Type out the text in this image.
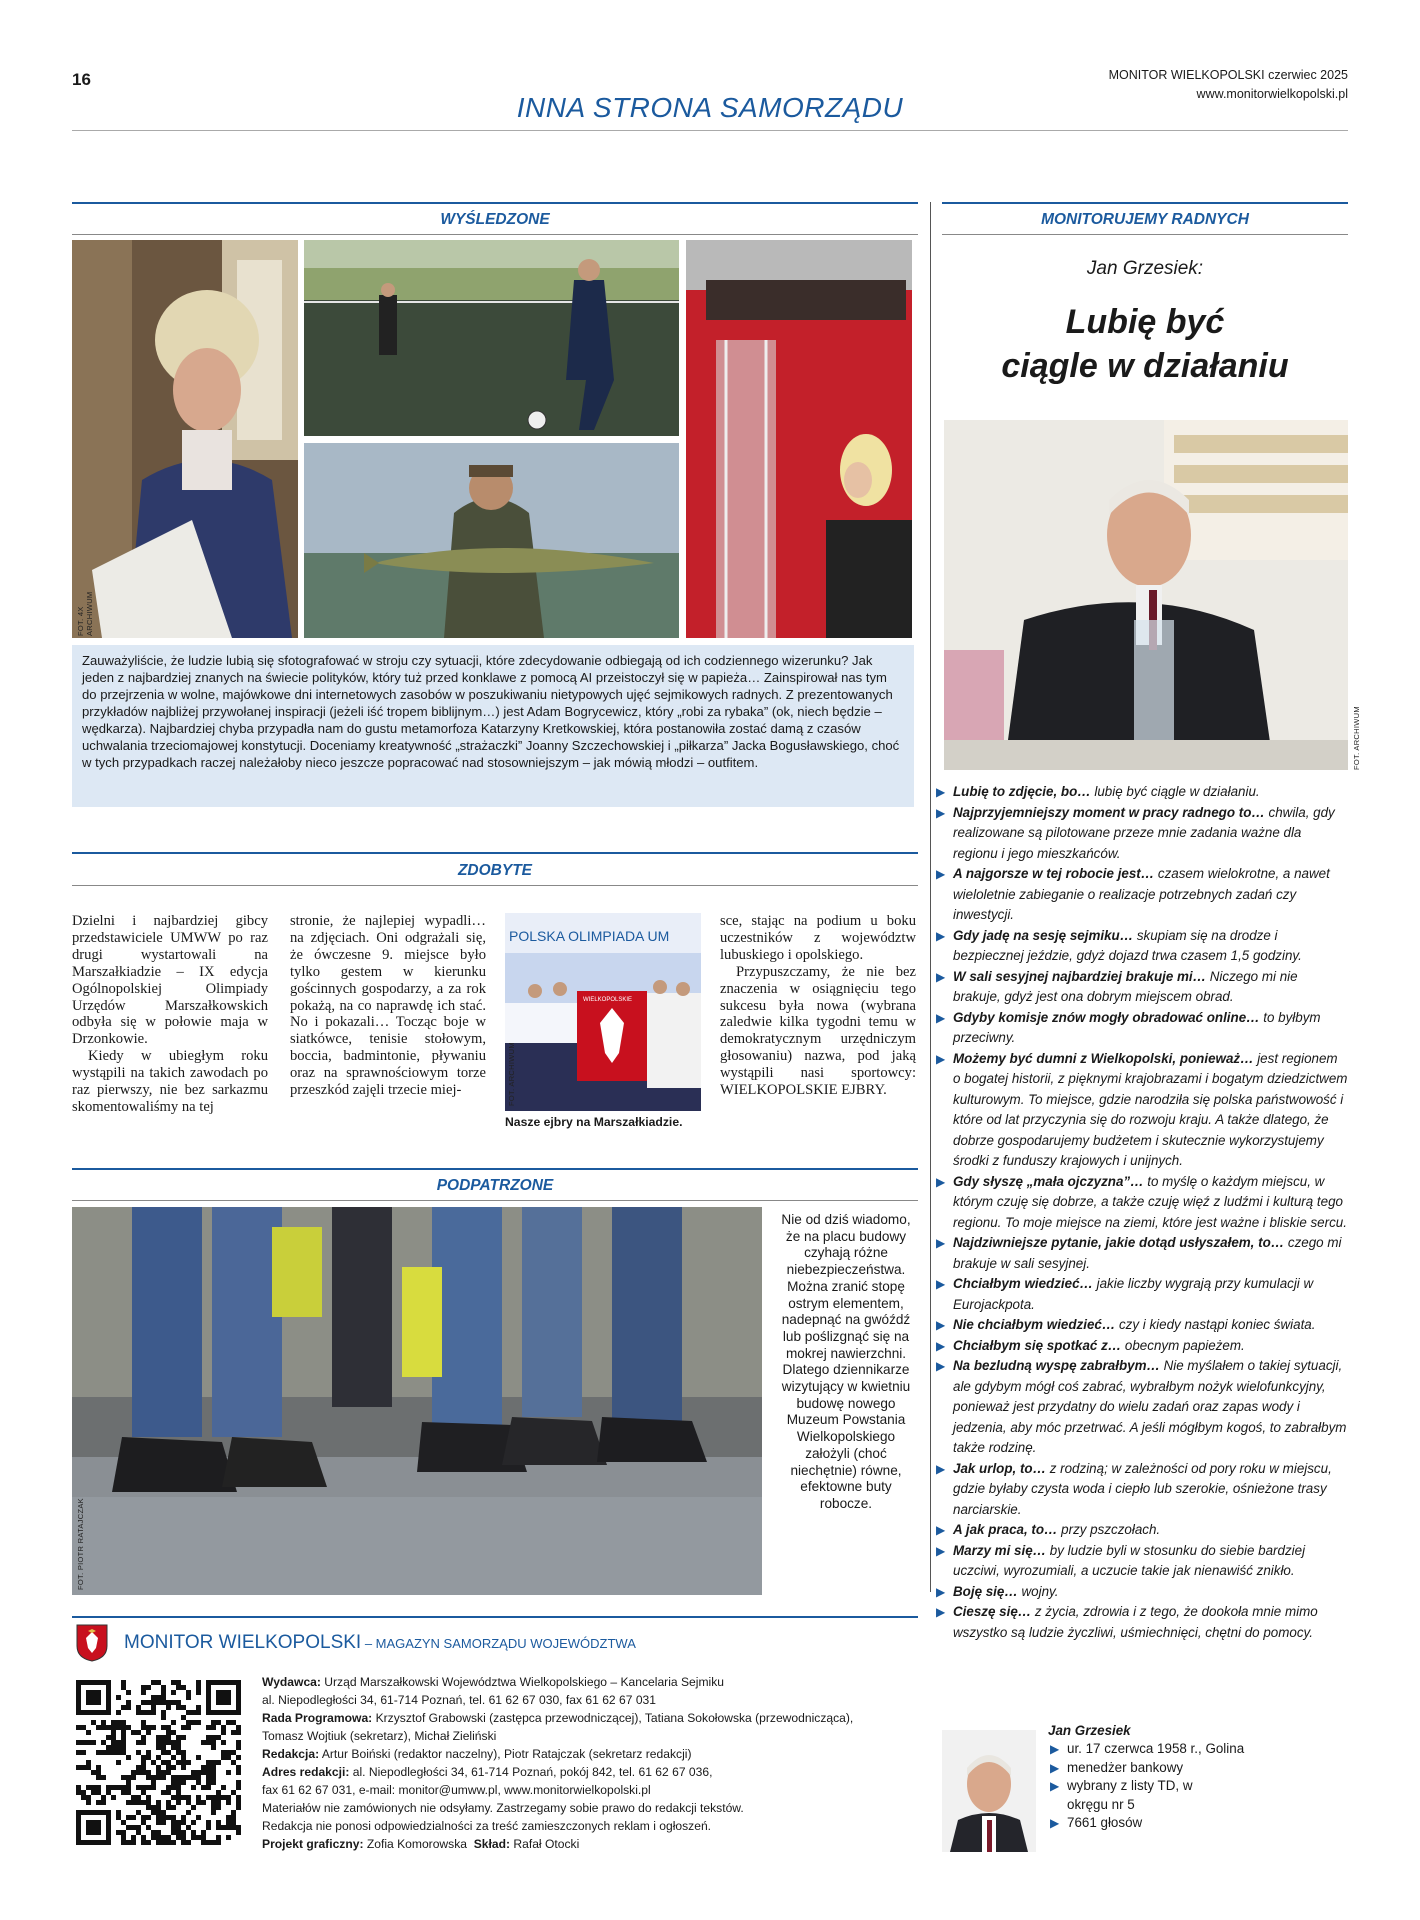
16	MONITOR WIELKOPOLSKI czerwiec 2025
www.monitorwielkopolski.pl
INNA STRONA SAMORZĄDU
WYŚLEDZONE
FOT. 4X ARCHIWUM
Zauważyliście, że ludzie lubią się sfotografować w stroju czy sytuacji, które zdecydowanie odbiegają od ich codziennego wizerunku? Jak jeden z najbardziej znanych na świecie polityków, który tuż przed konklawe z pomocą AI przeistoczył się w papieża… Zainspirował nas tym do przejrzenia w wolne, majówkowe dni internetowych zasobów w poszukiwaniu nietypowych ujęć sejmikowych radnych. Z prezentowanych przykładów najbliżej przywołanej inspiracji (jeżeli iść tropem biblijnym…) jest Adam Bogrycewicz, który „robi za rybaka” (ok, niech będzie – wędkarza). Najbardziej chyba przypadła nam do gustu metamorfoza Katarzyny Kretkowskiej, która postanowiła zostać damą z czasów uchwalania trzeciomajowej konstytucji. Doceniamy kreatywność „strażaczki” Joanny Szczechowskiej i „piłkarza” Jacka Bogusławskiego, choć w tych przypadkach raczej należałoby nieco jeszcze popracować nad stosowniejszym – jak mówią młodzi – outfitem.
ZDOBYTE

Dzielni i najbardziej gibcy przedstawiciele UMWW po raz drugi wystartowali na Marszałkiadzie – IX edycja Ogólnopolskiej Olimpiady Urzędów Marszałkowskich odbyła się w połowie maja w Drzonkowie.

Kiedy w ubiegłym roku wystąpili na takich zawodach po raz pierwszy, nie bez sarkazmu skomentowaliśmy na tej

stronie, że najlepiej wypadli… na zdjęciach. Oni odgrażali się, że ówczesne 9. miejsce było tylko gestem w kierunku gościnnych gospodarzy, a za rok pokażą, na co naprawdę ich stać. No i pokazali… Tocząc boje w siatkówce, tenisie stołowym, boccia, badmintonie, pływaniu oraz na sprawnościowym torze przeszkód zajęli trzecie miej-

POLSKA OLIMPIADA UM
WIELKOPOLSKIE
FOT. ARCHIWUM
Nasze ejbry na Marszałkiadzie.

sce, stając na podium u boku uczestników z województw lubuskiego i opolskiego.

Przypuszczamy, że nie bez znaczenia w osiągnięciu tego sukcesu była nowa (wybrana zaledwie kilka tygodni temu w demokratycznym urzędniczym głosowaniu) nazwa, pod jaką wystąpili nasi sportowcy: WIELKOPOLSKIE EJBRY.

PODPATRZONE
FOT. PIOTR RATAJCZAK
Nie od dziś wiadomo, że na placu budowy czyhają różne niebezpieczeństwa. Można zranić stopę ostrym elementem, nadepnąć na gwóźdź lub poślizgnąć się na mokrej nawierzchni. Dlatego dziennikarze wizytujący w kwietniu budowę nowego Muzeum Powstania Wielkopolskiego założyli (choć niechętnie) równe, efektowne buty robocze.
MONITORUJEMY RADNYCH
Jan Grzesiek:
Lubię być
ciągle w działaniu
FOT. ARCHIWUM

▶ Lubię to zdjęcie, bo… lubię być ciągle w działaniu.

▶ Najprzyjemniejszy moment w pracy radnego to… chwila, gdy realizowane są pilotowane przeze mnie zadania ważne dla regionu i jego mieszkańców.

▶ A najgorsze w tej robocie jest… czasem wielokrotne, a nawet wieloletnie zabieganie o realizacje potrzebnych zadań czy inwestycji.

▶ Gdy jadę na sesję sejmiku… skupiam się na drodze i bezpiecznej jeździe, gdyż dojazd trwa czasem 1,5 godziny.

▶ W sali sesyjnej najbardziej brakuje mi… Niczego mi nie brakuje, gdyż jest ona dobrym miejscem obrad.

▶ Gdyby komisje znów mogły obradować online… to byłbym przeciwny.

▶ Możemy być dumni z Wielkopolski, ponieważ… jest regionem o bogatej historii, z pięknymi krajobrazami i bogatym dziedzictwem kulturowym. To miejsce, gdzie narodziła się polska państwowość i które od lat przyczynia się do rozwoju kraju. A także dlatego, że dobrze gospodarujemy budżetem i skutecznie wykorzystujemy środki z funduszy krajowych i unijnych.

▶ Gdy słyszę „mała ojczyzna”… to myślę o każdym miejscu, w którym czuję się dobrze, a także czuję więź z ludźmi i kulturą tego regionu. To moje miejsce na ziemi, które jest ważne i bliskie sercu.

▶ Najdziwniejsze pytanie, jakie dotąd usłyszałem, to… czego mi brakuje w sali sesyjnej.

▶ Chciałbym wiedzieć… jakie liczby wygrają przy kumulacji w Eurojackpota.

▶ Nie chciałbym wiedzieć… czy i kiedy nastąpi koniec świata.

▶ Chciałbym się spotkać z… obecnym papieżem.

▶ Na bezludną wyspę zabrałbym… Nie myślałem o takiej sytuacji, ale gdybym mógł coś zabrać, wybrałbym nożyk wielofunkcyjny, ponieważ jest przydatny do wielu zadań oraz zapas wody i jedzenia, aby móc przetrwać. A jeśli mógłbym kogoś, to zabrałbym także rodzinę.

▶ Jak urlop, to… z rodziną; w zależności od pory roku w miejscu, gdzie byłaby czysta woda i ciepło lub szerokie, ośnieżone trasy narciarskie.

▶ A jak praca, to… przy pszczołach.

▶ Marzy mi się… by ludzie byli w stosunku do siebie bardziej uczciwi, wyrozumiali, a uczucie takie jak nienawiść znikło.

▶ Boję się… wojny.

▶ Cieszę się… z życia, zdrowia i z tego, że dookoła mnie mimo wszystko są ludzie życzliwi, uśmiechnięci, chętni do pomocy.

Jan Grzesiek
▶ ur. 17 czerwca 1958 r., Golina
▶ menedżer bankowy
▶ wybrany z listy TD, w okręgu nr 5
▶ 7661 głosów
MONITOR WIELKOPOLSKI – MAGAZYN SAMORZĄDU WOJEWÓDZTWA
Wydawca: Urząd Marszałkowski Województwa Wielkopolskiego – Kancelaria Sejmiku
al. Niepodległości 34, 61-714 Poznań, tel. 61 62 67 030, fax 61 62 67 031
Rada Programowa: Krzysztof Grabowski (zastępca przewodniczącej), Tatiana Sokołowska (przewodnicząca),
Tomasz Wojtiuk (sekretarz), Michał Zieliński
Redakcja: Artur Boiński (redaktor naczelny), Piotr Ratajczak (sekretarz redakcji)
Adres redakcji: al. Niepodległości 34, 61-714 Poznań, pokój 842, tel. 61 62 67 036,
fax 61 62 67 031, e-mail: monitor@umww.pl, www.monitorwielkopolski.pl
Materiałów nie zamówionych nie odsyłamy. Zastrzegamy sobie prawo do redakcji tekstów.
Redakcja nie ponosi odpowiedzialności za treść zamieszczonych reklam i ogłoszeń.
Projekt graficzny: Zofia Komorowska Skład: Rafał Otocki
